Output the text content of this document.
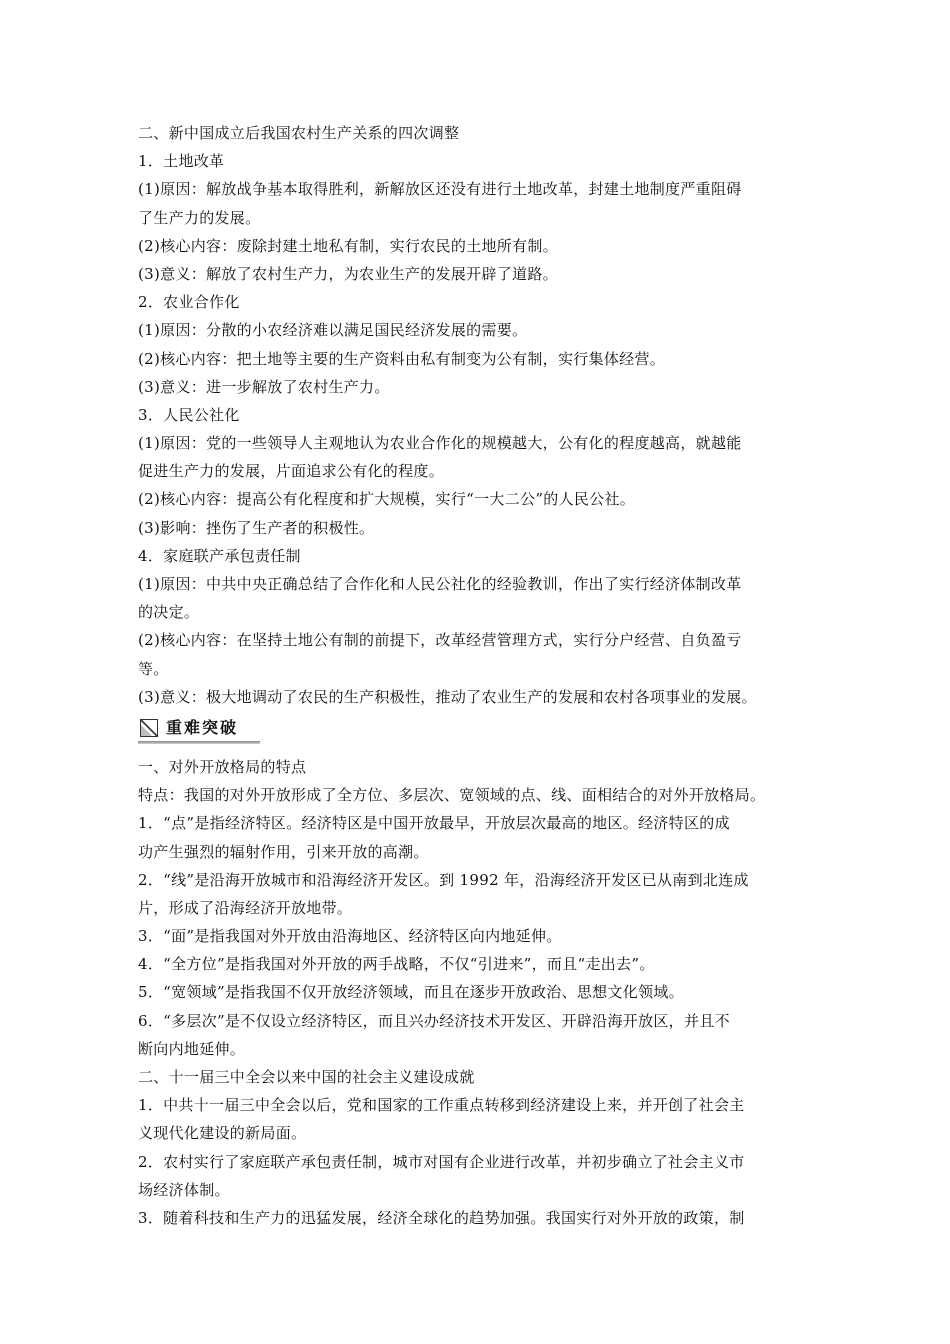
二、新中国成立后我国农村生产关系的四次调整
1．土地改革
(1)原因：解放战争基本取得胜利，新解放区还没有进行土地改革，封建土地制度严重阻碍
了生产力的发展。
(2)核心内容：废除封建土地私有制，实行农民的土地所有制。
(3)意义：解放了农村生产力，为农业生产的发展开辟了道路。
2．农业合作化
(1)原因：分散的小农经济难以满足国民经济发展的需要。
(2)核心内容：把土地等主要的生产资料由私有制变为公有制，实行集体经营。
(3)意义：进一步解放了农村生产力。
3．人民公社化
(1)原因：党的一些领导人主观地认为农业合作化的规模越大，公有化的程度越高，就越能
促进生产力的发展，片面追求公有化的程度。
(2)核心内容：提高公有化程度和扩大规模，实行“一大二公”的人民公社。
(3)影响：挫伤了生产者的积极性。
4．家庭联产承包责任制
(1)原因：中共中央正确总结了合作化和人民公社化的经验教训，作出了实行经济体制改革
的决定。
(2)核心内容：在坚持土地公有制的前提下，改革经营管理方式，实行分户经营、自负盈亏
等。
(3)意义：极大地调动了农民的生产积极性，推动了农业生产的发展和农村各项事业的发展。
重难突破
一、对外开放格局的特点
特点：我国的对外开放形成了全方位、多层次、宽领域的点、线、面相结合的对外开放格局。
1．“点”是指经济特区。经济特区是中国开放最早，开放层次最高的地区。经济特区的成
功产生强烈的辐射作用，引来开放的高潮。
2．“线”是沿海开放城市和沿海经济开发区。到 1992 年，沿海经济开发区已从南到北连成
片，形成了沿海经济开放地带。
3．“面”是指我国对外开放由沿海地区、经济特区向内地延伸。
4．“全方位”是指我国对外开放的两手战略，不仅“引进来”，而且“走出去”。
5．“宽领域”是指我国不仅开放经济领域，而且在逐步开放政治、思想文化领域。
6．“多层次”是不仅设立经济特区，而且兴办经济技术开发区、开辟沿海开放区，并且不
断向内地延伸。
二、十一届三中全会以来中国的社会主义建设成就
1．中共十一届三中全会以后，党和国家的工作重点转移到经济建设上来，并开创了社会主
义现代化建设的新局面。
2．农村实行了家庭联产承包责任制，城市对国有企业进行改革，并初步确立了社会主义市
场经济体制。
3．随着科技和生产力的迅猛发展，经济全球化的趋势加强。我国实行对外开放的政策，制
